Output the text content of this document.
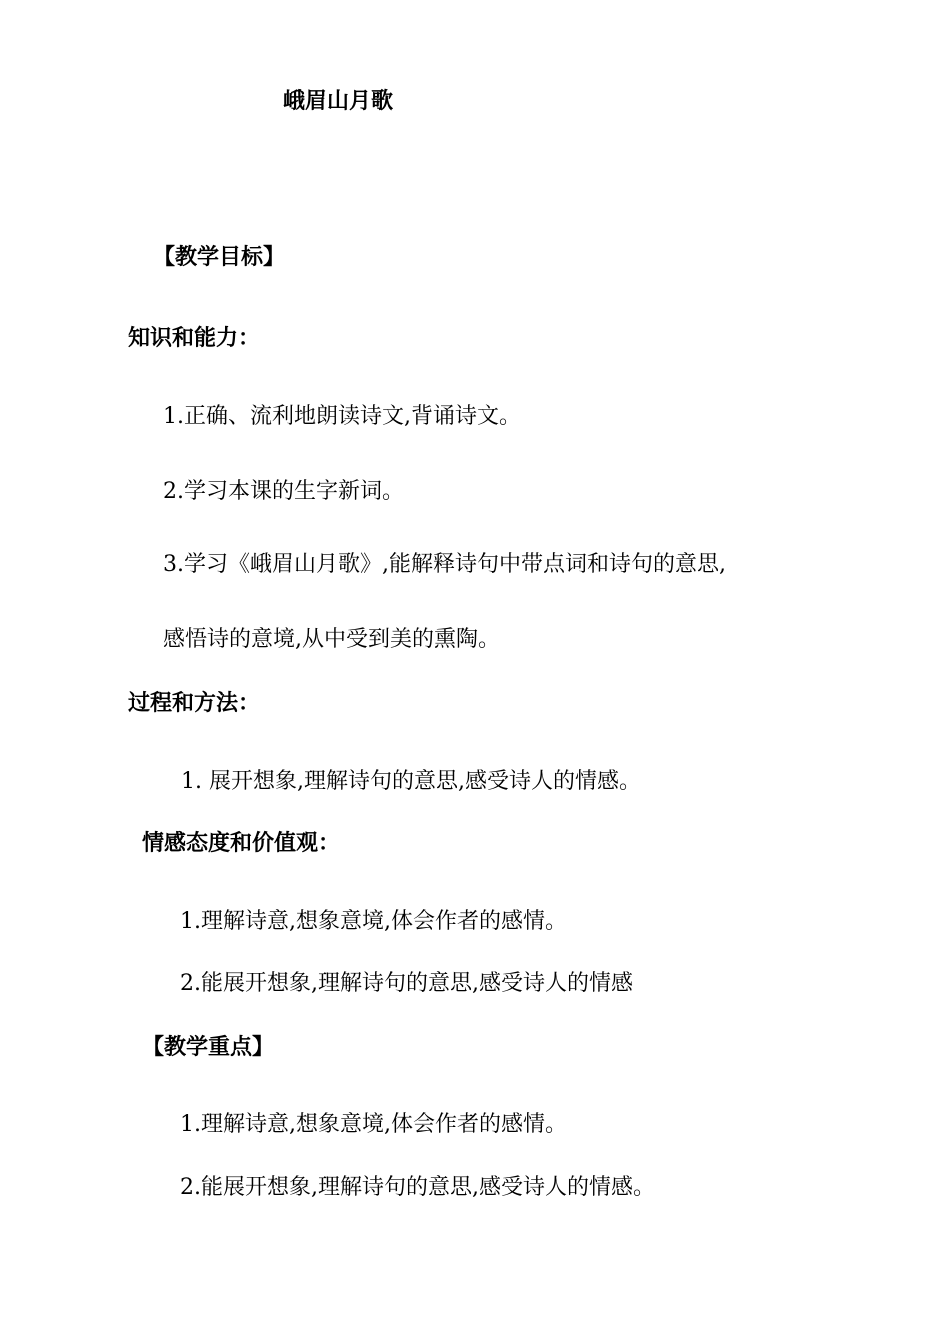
峨眉山月歌
【教学目标】
知识和能力：
1.正确、流利地朗读诗文,背诵诗文。
2.学习本课的生字新词。
3.学习《峨眉山月歌》,能解释诗句中带点词和诗句的意思,
感悟诗的意境,从中受到美的熏陶。
过程和方法：
1. 展开想象,理解诗句的意思,感受诗人的情感。
情感态度和价值观：
1.理解诗意,想象意境,体会作者的感情。
2.能展开想象,理解诗句的意思,感受诗人的情感
【教学重点】
1.理解诗意,想象意境,体会作者的感情。
2.能展开想象,理解诗句的意思,感受诗人的情感。
